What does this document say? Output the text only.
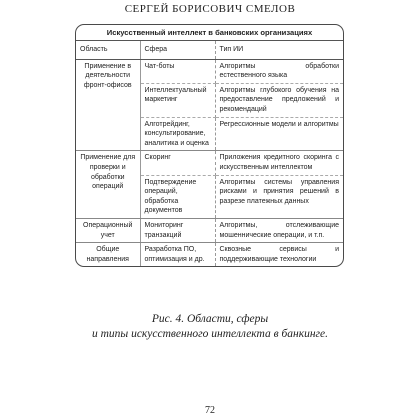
СЕРГЕЙ БОРИСОВИЧ СМЕЛОВ
Искусственный интеллект в банковских организациях
Область	Сфера	Тип ИИ
Применение в деятельности фронт-офисов	Чат-боты	Алгоритмы обработки естественного языка
	Интеллектуальный маркетинг	Алгоритмы глубокого обучения на предоставление предложений и рекомендаций
	Алготрейдинг, консультирование, аналитика и оценка	Регрессионные модели и алгоритмы
Применение для проверки и обработки операций	Скоринг	Приложения кредитного скоринга с искусственным интеллектом
	Подтверждение операций, обработка документов	Алгоритмы системы управления рисками и принятия решений в разрезе платежных данных
Операционный учет	Мониторинг транзакций	Алгоритмы, отслеживающие мошеннические операции, и т.п.
Общие направления	Разработка ПО, оптимизация и др.	Сквозные сервисы и поддерживающие технологии
Рис. 4. Области, сферы
и типы искусственного интеллекта в банкинге.
72
